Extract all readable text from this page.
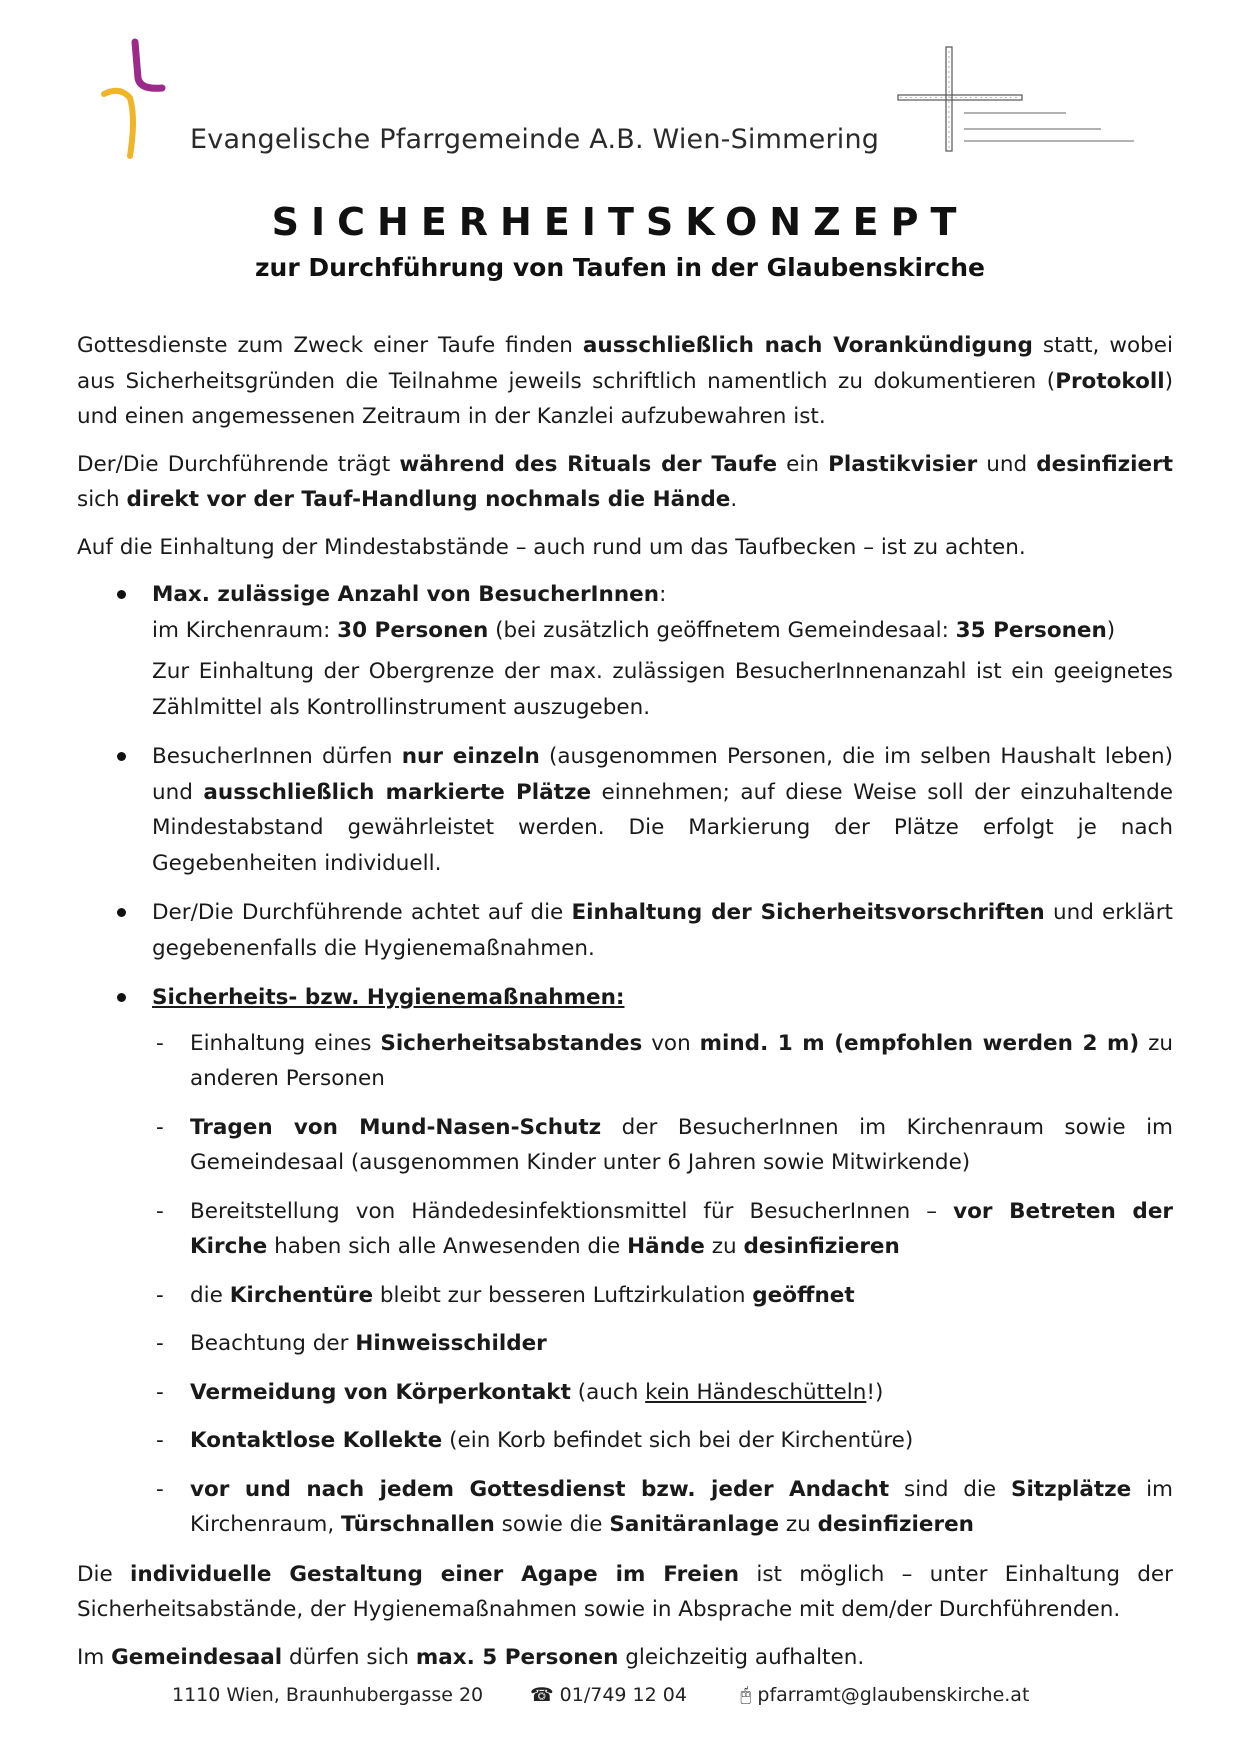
Evangelische Pfarrgemeinde A.B. Wien-Simmering
SICHERHEITSKONZEPT
zur Durchführung von Taufen in der Glaubenskirche

Gottesdienste zum Zweck einer Taufe finden ausschließlich nach Vorankündigung statt, wobei aus Sicherheitsgründen die Teilnahme jeweils schriftlich namentlich zu dokumentieren (Protokoll) und einen angemessenen Zeitraum in der Kanzlei aufzubewahren ist.

Der/Die Durchführende trägt während des Rituals der Taufe ein Plastikvisier und desinfiziert sich direkt vor der Tauf-Handlung nochmals die Hände.

Auf die Einhaltung der Mindestabstände – auch rund um das Taufbecken – ist zu achten.

Max. zulässige Anzahl von BesucherInnen:

im Kirchenraum: 30 Personen (bei zusätzlich geöffnetem Gemeindesaal: 35 Personen)

Zur Einhaltung der Obergrenze der max. zulässigen BesucherInnenanzahl ist ein geeignetes Zählmittel als Kontrollinstrument auszugeben.

BesucherInnen dürfen nur einzeln (ausgenommen Personen, die im selben Haushalt leben) und ausschließlich markierte Plätze einnehmen; auf diese Weise soll der einzuhaltende Mindestabstand gewährleistet werden. Die Markierung der Plätze erfolgt je nach Gegebenheiten individuell.
Der/Die Durchführende achtet auf die Einhaltung der Sicherheitsvorschriften und erklärt gegebenenfalls die Hygienemaßnahmen.
Sicherheits- bzw. Hygienemaßnahmen:
- Einhaltung eines Sicherheitsabstandes von mind. 1 m (empfohlen werden 2 m) zu anderen Personen
- Tragen von Mund-Nasen-Schutz der BesucherInnen im Kirchenraum sowie im Gemeindesaal (ausgenommen Kinder unter 6 Jahren sowie Mitwirkende)
- Bereitstellung von Händedesinfektionsmittel für BesucherInnen – vor Betreten der Kirche haben sich alle Anwesenden die Hände zu desinfizieren
- die Kirchentüre bleibt zur besseren Luftzirkulation geöffnet
- Beachtung der Hinweisschilder
- Vermeidung von Körperkontakt (auch kein Händeschütteln!)
- Kontaktlose Kollekte (ein Korb befindet sich bei der Kirchentüre)
- vor und nach jedem Gottesdienst bzw. jeder Andacht sind die Sitzplätze im Kirchenraum, Türschnallen sowie die Sanitäranlage zu desinfizieren

Die individuelle Gestaltung einer Agape im Freien ist möglich – unter Einhaltung der Sicherheitsabstände, der Hygienemaßnahmen sowie in Absprache mit dem/der Durchführenden.

Im Gemeindesaal dürfen sich max. 5 Personen gleichzeitig aufhalten.

1110 Wien, Braunhubergasse 20 ☎ 01/749 12 04	🖰 pfarramt@glaubenskirche.at
